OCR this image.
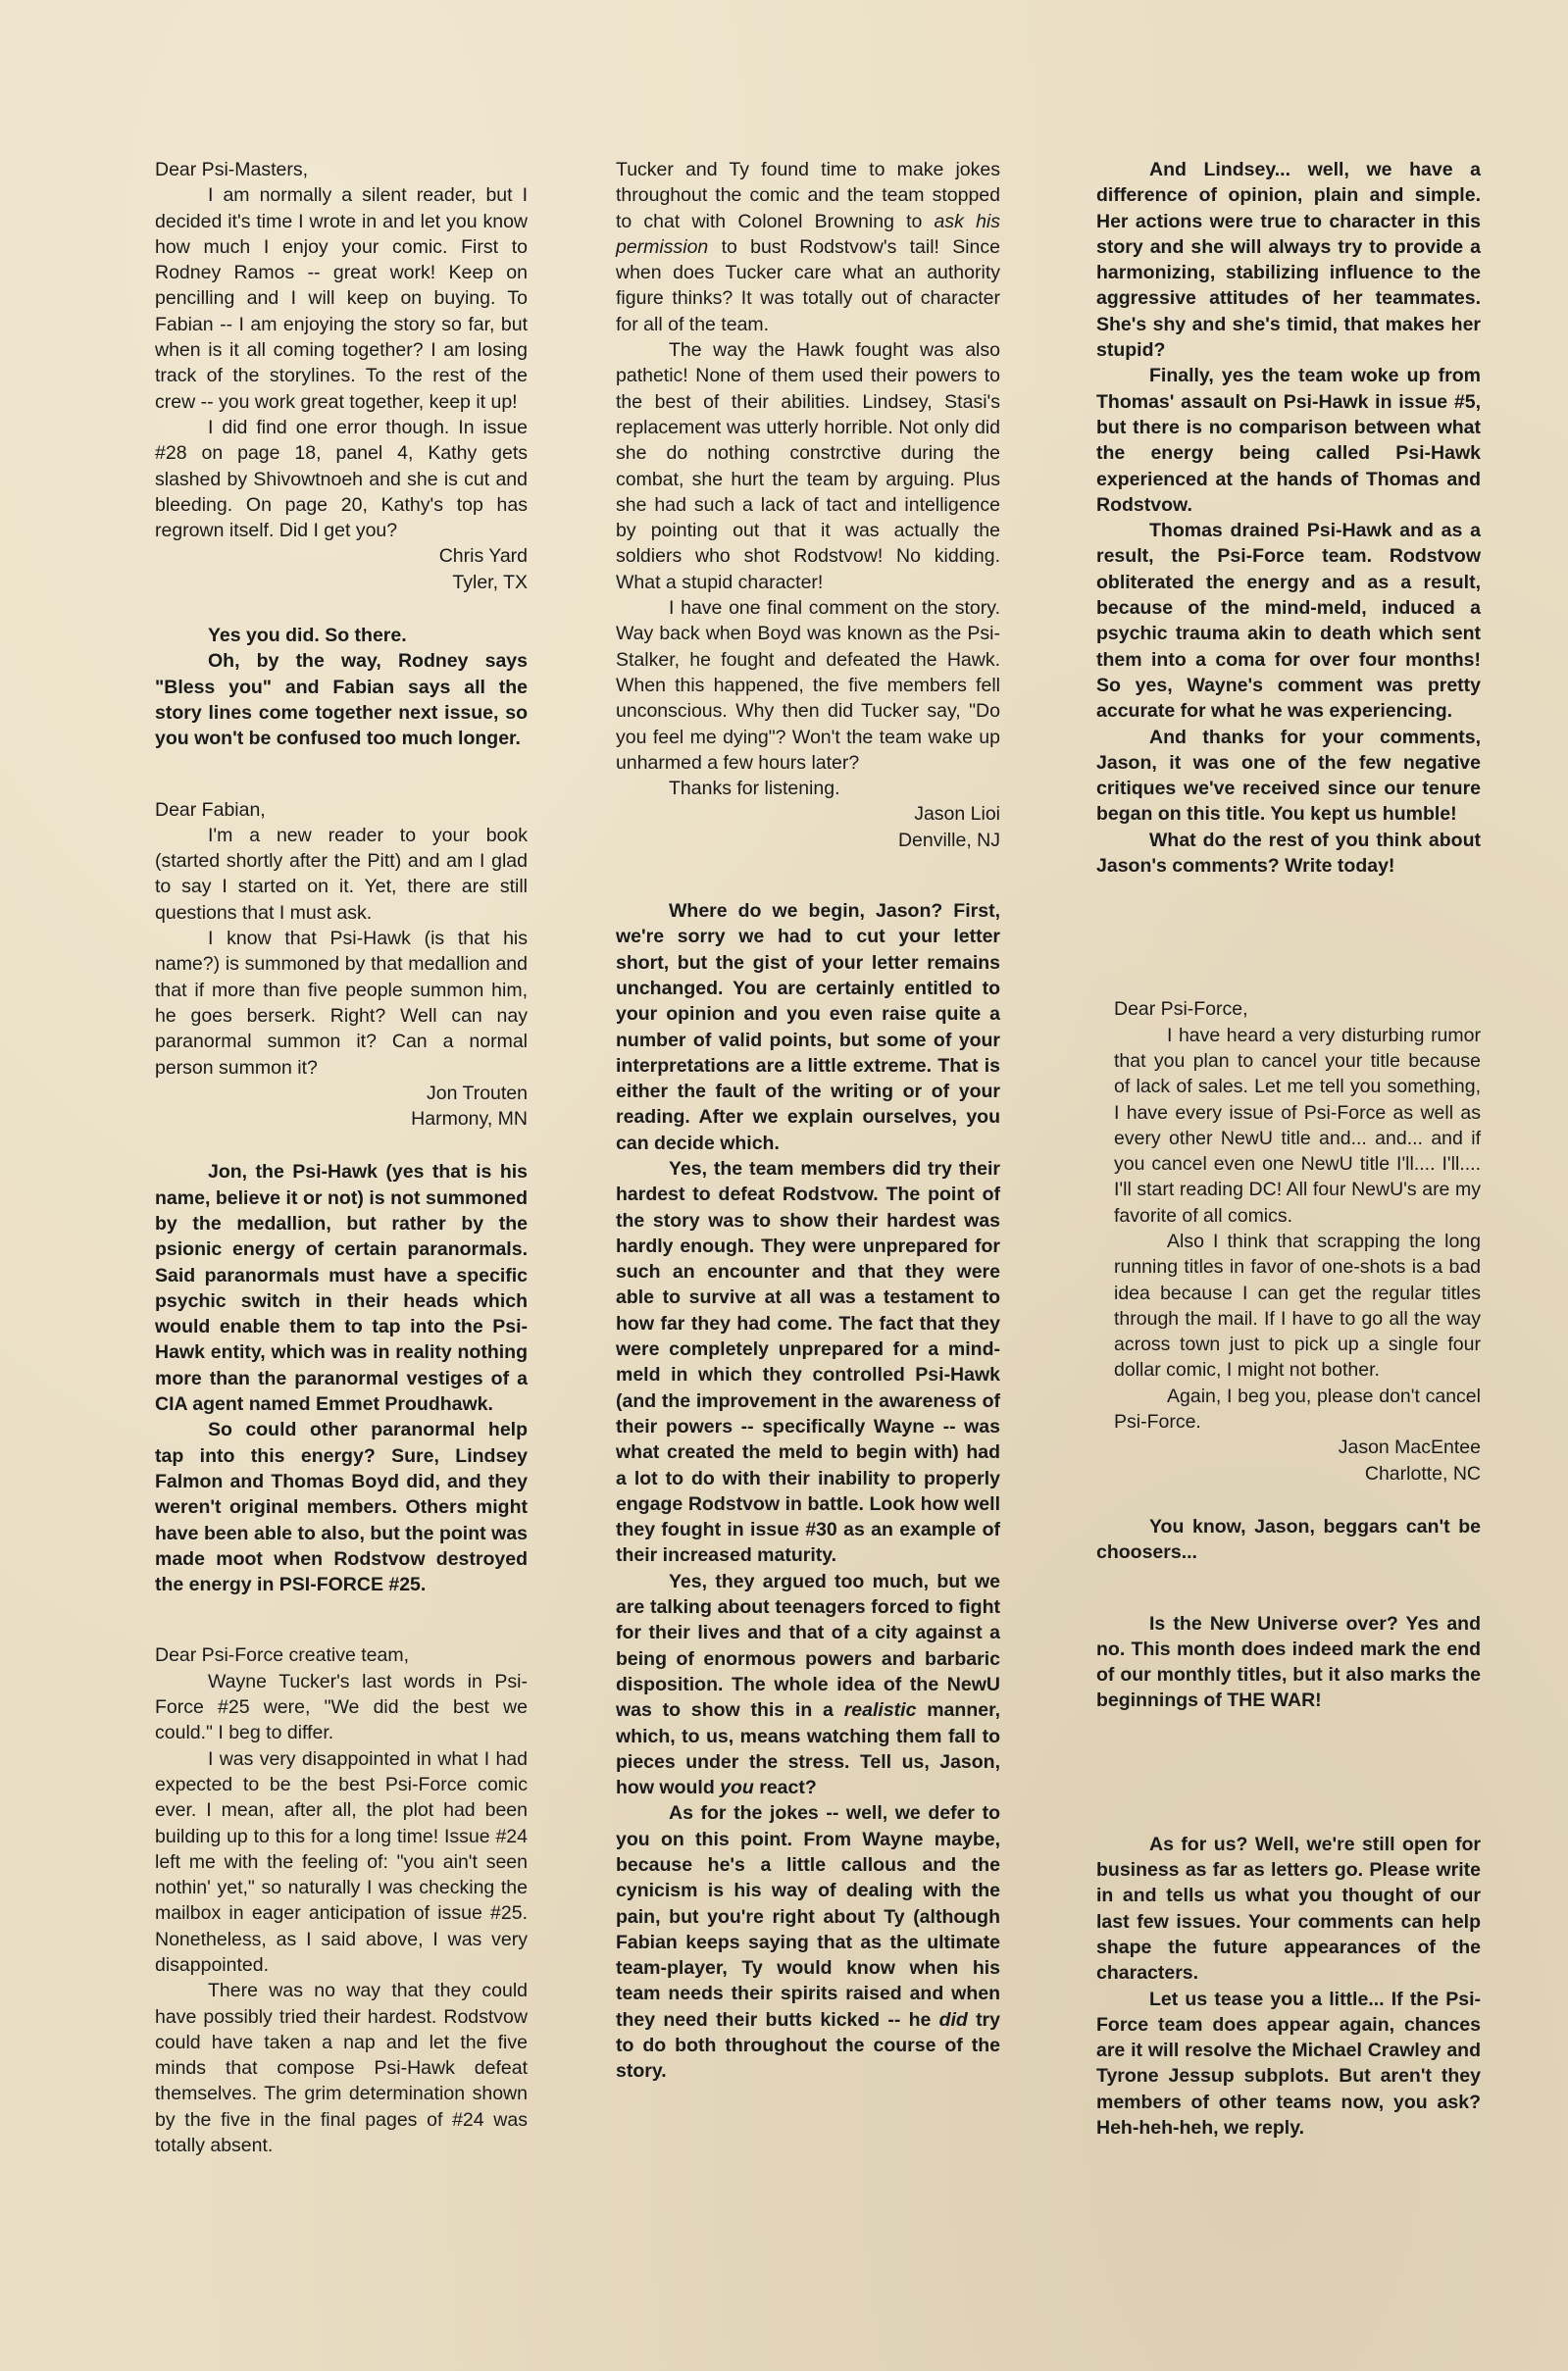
Dear Psi-Masters,

I am normally a silent reader, but I decided it's time I wrote in and let you know how much I enjoy your comic. First to Rodney Ramos -- great work! Keep on pencilling and I will keep on buying. To Fabian -- I am enjoying the story so far, but when is it all coming together? I am losing track of the storylines. To the rest of the crew -- you work great together, keep it up!

I did find one error though. In issue #28 on page 18, panel 4, Kathy gets slashed by Shivowtnoeh and she is cut and bleeding. On page 20, Kathy's top has regrown itself. Did I get you?

Chris Yard

Tyler, TX

Yes you did. So there.

Oh, by the way, Rodney says "Bless you" and Fabian says all the story lines come together next issue, so you won't be confused too much longer.

Dear Fabian,

I'm a new reader to your book (started shortly after the Pitt) and am I glad to say I started on it. Yet, there are still questions that I must ask.

I know that Psi-Hawk (is that his name?) is summoned by that medallion and that if more than five people summon him, he goes berserk. Right? Well can nay paranormal summon it? Can a normal person summon it?

Jon Trouten

Harmony, MN

Jon, the Psi-Hawk (yes that is his name, believe it or not) is not summoned by the medallion, but rather by the psionic energy of certain paranormals. Said paranormals must have a specific psychic switch in their heads which would enable them to tap into the Psi-Hawk entity, which was in reality nothing more than the paranormal vestiges of a CIA agent named Emmet Proudhawk.

So could other paranormal help tap into this energy? Sure, Lindsey Falmon and Thomas Boyd did, and they weren't original members. Others might have been able to also, but the point was made moot when Rodstvow destroyed the energy in PSI-FORCE #25.

Dear Psi-Force creative team,

Wayne Tucker's last words in Psi-Force #25 were, "We did the best we could." I beg to differ.

I was very disappointed in what I had expected to be the best Psi-Force comic ever. I mean, after all, the plot had been building up to this for a long time! Issue #24 left me with the feeling of: "you ain't seen nothin' yet," so naturally I was checking the mailbox in eager anticipation of issue #25. Nonetheless, as I said above, I was very disappointed.

There was no way that they could have possibly tried their hardest. Rodstvow could have taken a nap and let the five minds that compose Psi-Hawk defeat themselves. The grim determination shown by the five in the final pages of #24 was totally absent.

Tucker and Ty found time to make jokes throughout the comic and the team stopped to chat with Colonel Browning to ask his permission to bust Rodstvow's tail! Since when does Tucker care what an authority figure thinks? It was totally out of character for all of the team.

The way the Hawk fought was also pathetic! None of them used their powers to the best of their abilities. Lindsey, Stasi's replacement was utterly horrible. Not only did she do nothing constrctive during the combat, she hurt the team by arguing. Plus she had such a lack of tact and intelligence by pointing out that it was actually the soldiers who shot Rodstvow! No kidding. What a stupid character!

I have one final comment on the story. Way back when Boyd was known as the Psi-Stalker, he fought and defeated the Hawk. When this happened, the five members fell unconscious. Why then did Tucker say, "Do you feel me dying"? Won't the team wake up unharmed a few hours later?

Thanks for listening.

Jason Lioi

Denville, NJ

Where do we begin, Jason? First, we're sorry we had to cut your letter short, but the gist of your letter remains unchanged. You are certainly entitled to your opinion and you even raise quite a number of valid points, but some of your interpretations are a little extreme. That is either the fault of the writing or of your reading. After we explain ourselves, you can decide which.

Yes, the team members did try their hardest to defeat Rodstvow. The point of the story was to show their hardest was hardly enough. They were unprepared for such an encounter and that they were able to survive at all was a testament to how far they had come. The fact that they were completely unprepared for a mind-meld in which they controlled Psi-Hawk (and the improvement in the awareness of their powers -- specifically Wayne -- was what created the meld to begin with) had a lot to do with their inability to properly engage Rodstvow in battle. Look how well they fought in issue #30 as an example of their increased maturity.

Yes, they argued too much, but we are talking about teenagers forced to fight for their lives and that of a city against a being of enormous powers and barbaric disposition. The whole idea of the NewU was to show this in a realistic manner, which, to us, means watching them fall to pieces under the stress. Tell us, Jason, how would you react?

As for the jokes -- well, we defer to you on this point. From Wayne maybe, because he's a little callous and the cynicism is his way of dealing with the pain, but you're right about Ty (although Fabian keeps saying that as the ultimate team-player, Ty would know when his team needs their spirits raised and when they need their butts kicked -- he did try to do both throughout the course of the story.

And Lindsey... well, we have a difference of opinion, plain and simple. Her actions were true to character in this story and she will always try to provide a harmonizing, stabilizing influence to the aggressive attitudes of her teammates. She's shy and she's timid, that makes her stupid?

Finally, yes the team woke up from Thomas' assault on Psi-Hawk in issue #5, but there is no comparison between what the energy being called Psi-Hawk experienced at the hands of Thomas and Rodstvow.

Thomas drained Psi-Hawk and as a result, the Psi-Force team. Rodstvow obliterated the energy and as a result, because of the mind-meld, induced a psychic trauma akin to death which sent them into a coma for over four months! So yes, Wayne's comment was pretty accurate for what he was experiencing.

And thanks for your comments, Jason, it was one of the few negative critiques we've received since our tenure began on this title. You kept us humble!

What do the rest of you think about Jason's comments? Write today!

Dear Psi-Force,

I have heard a very disturbing rumor that you plan to cancel your title because of lack of sales. Let me tell you something, I have every issue of Psi-Force as well as every other NewU title and... and... and if you cancel even one NewU title I'll.... I'll.... I'll start reading DC! All four NewU's are my favorite of all comics.

Also I think that scrapping the long running titles in favor of one-shots is a bad idea because I can get the regular titles through the mail. If I have to go all the way across town just to pick up a single four dollar comic, I might not bother.

Again, I beg you, please don't cancel Psi-Force.

Jason MacEntee

Charlotte, NC

You know, Jason, beggars can't be choosers...

Is the New Universe over? Yes and no. This month does indeed mark the end of our monthly titles, but it also marks the beginnings of THE WAR!

As for us? Well, we're still open for business as far as letters go. Please write in and tells us what you thought of our last few issues. Your comments can help shape the future appearances of the characters.

Let us tease you a little... If the Psi-Force team does appear again, chances are it will resolve the Michael Crawley and Tyrone Jessup subplots. But aren't they members of other teams now, you ask? Heh-heh-heh, we reply.
